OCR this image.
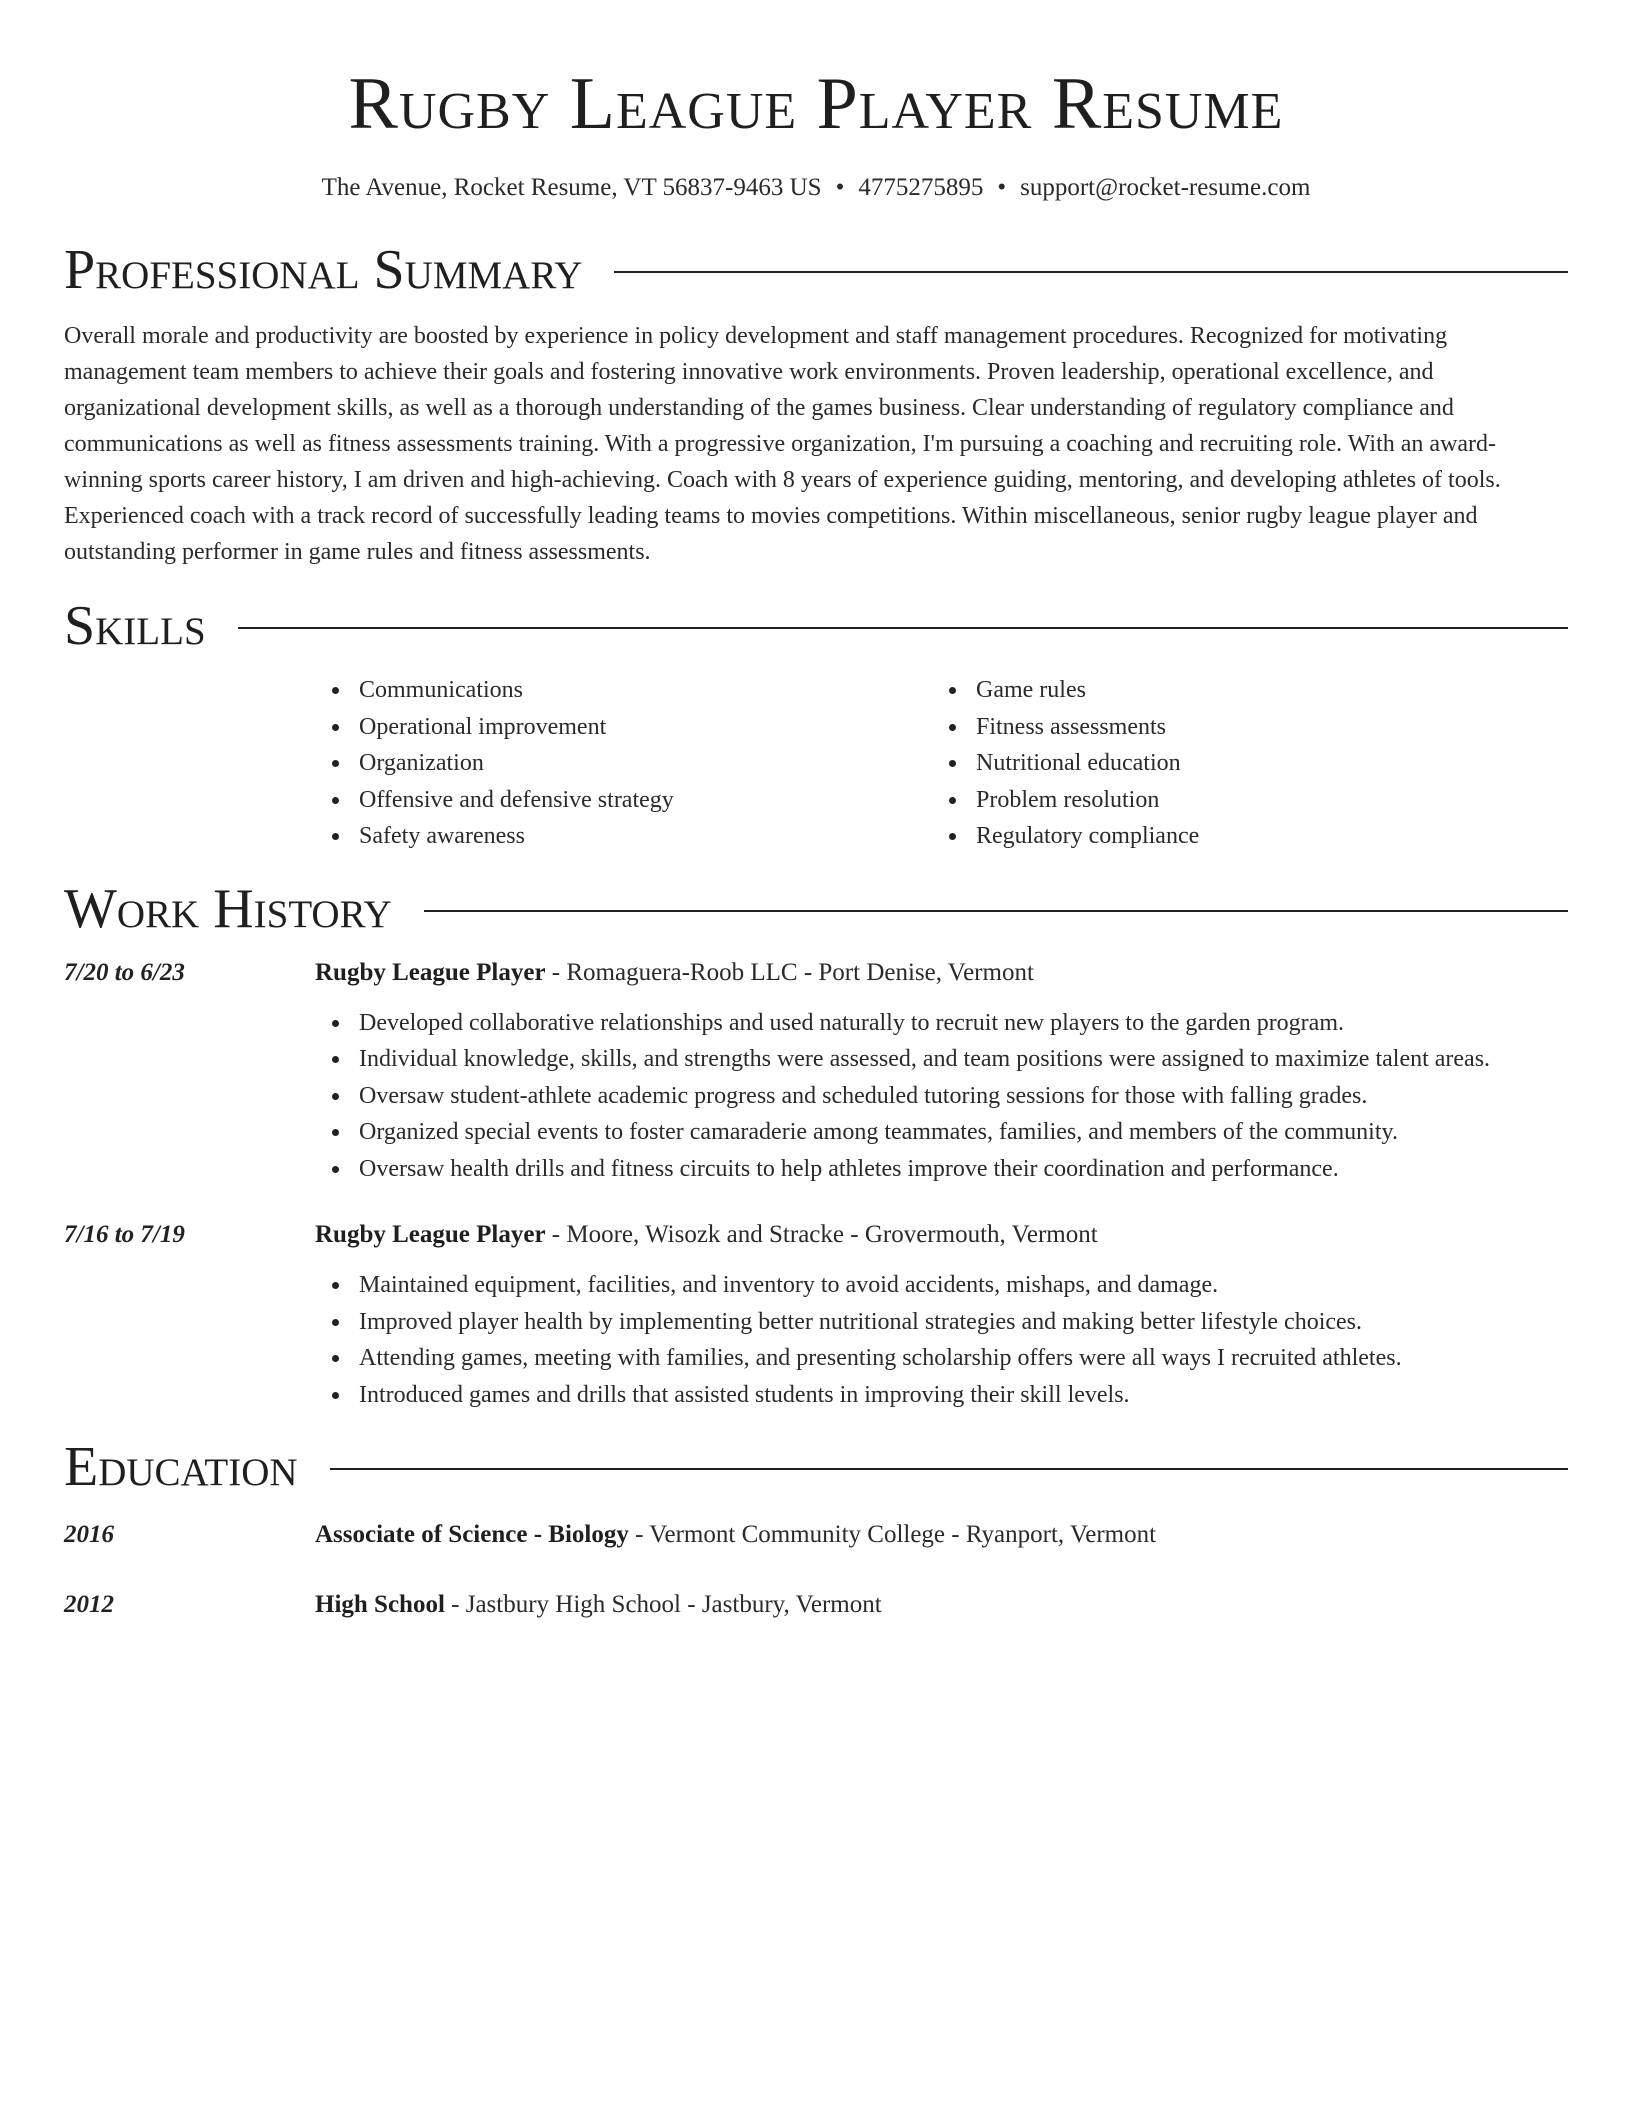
Rugby League Player Resume
The Avenue, Rocket Resume, VT 56837-9463 US • 4775275895 • support@rocket-resume.com
Professional Summary

Overall morale and productivity are boosted by experience in policy development and staff management procedures. Recognized for motivating management team members to achieve their goals and fostering innovative work environments. Proven leadership, operational excellence, and organizational development skills, as well as a thorough understanding of the games business. Clear understanding of regulatory compliance and communications as well as fitness assessments training. With a progressive organization, I'm pursuing a coaching and recruiting role. With an award-winning sports career history, I am driven and high-achieving. Coach with 8 years of experience guiding, mentoring, and developing athletes of tools. Experienced coach with a track record of successfully leading teams to movies competitions. Within miscellaneous, senior rugby league player and outstanding performer in game rules and fitness assessments.

Skills
Communications
Operational improvement
Organization
Offensive and defensive strategy
Safety awareness
Game rules
Fitness assessments
Nutritional education
Problem resolution
Regulatory compliance
Work History
7/20 to 6/23	Rugby League Player - Romaguera-Roob LLC - Port Denise, Vermont
Developed collaborative relationships and used naturally to recruit new players to the garden program.
Individual knowledge, skills, and strengths were assessed, and team positions were assigned to maximize talent areas.
Oversaw student-athlete academic progress and scheduled tutoring sessions for those with falling grades.
Organized special events to foster camaraderie among teammates, families, and members of the community.
Oversaw health drills and fitness circuits to help athletes improve their coordination and performance.
7/16 to 7/19	Rugby League Player - Moore, Wisozk and Stracke - Grovermouth, Vermont
Maintained equipment, facilities, and inventory to avoid accidents, mishaps, and damage.
Improved player health by implementing better nutritional strategies and making better lifestyle choices.
Attending games, meeting with families, and presenting scholarship offers were all ways I recruited athletes.
Introduced games and drills that assisted students in improving their skill levels.
Education
2016	Associate of Science - Biology - Vermont Community College - Ryanport, Vermont
2012	High School - Jastbury High School - Jastbury, Vermont
